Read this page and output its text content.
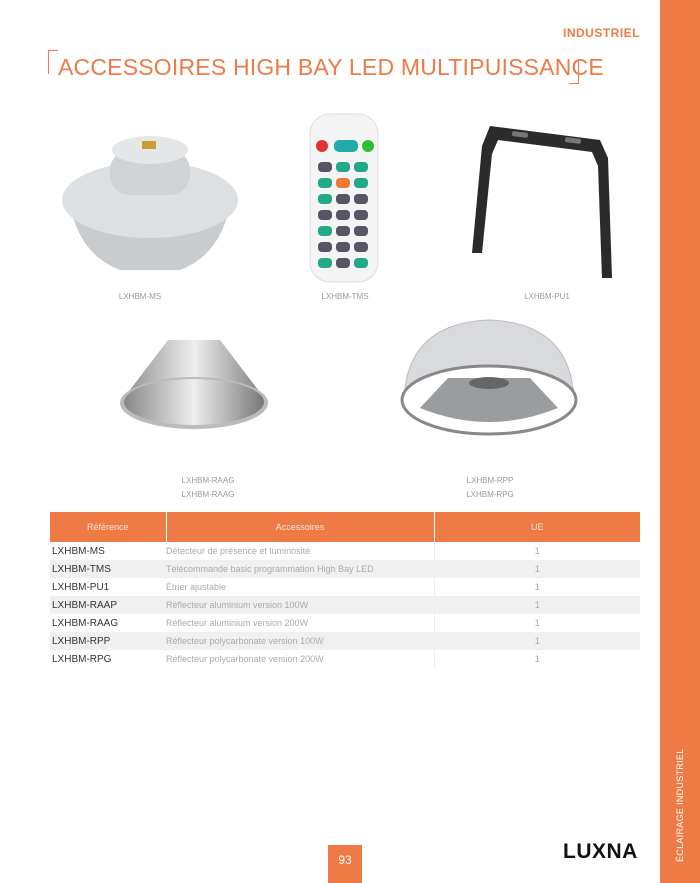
ÉCLAIRAGE INDUSTRIEL
INDUSTRIEL
ACCESSOIRES HIGH BAY LED MULTIPUISSANCE
LXHBM-MS	LXHBM-TMS	LXHBM-PU1
LXHBM-RAAG
LXHBM-RAAG
LXHBM-RPP
LXHBM-RPG
Référence	Accessoires	UE
LXHBM-MS	Détecteur de présence et luminosité	1
LXHBM-TMS	Télécommande basic programmation High Bay LED	1
LXHBM-PU1	Étrier ajustable	1
LXHBM-RAAP	Réflecteur aluminium version 100W	1
LXHBM-RAAG	Réflecteur aluminium version 200W	1
LXHBM-RPP	Réflecteur polycarbonate version 100W	1
LXHBM-RPG	Réflecteur polycarbonate version 200W	1
LUXNA
93
